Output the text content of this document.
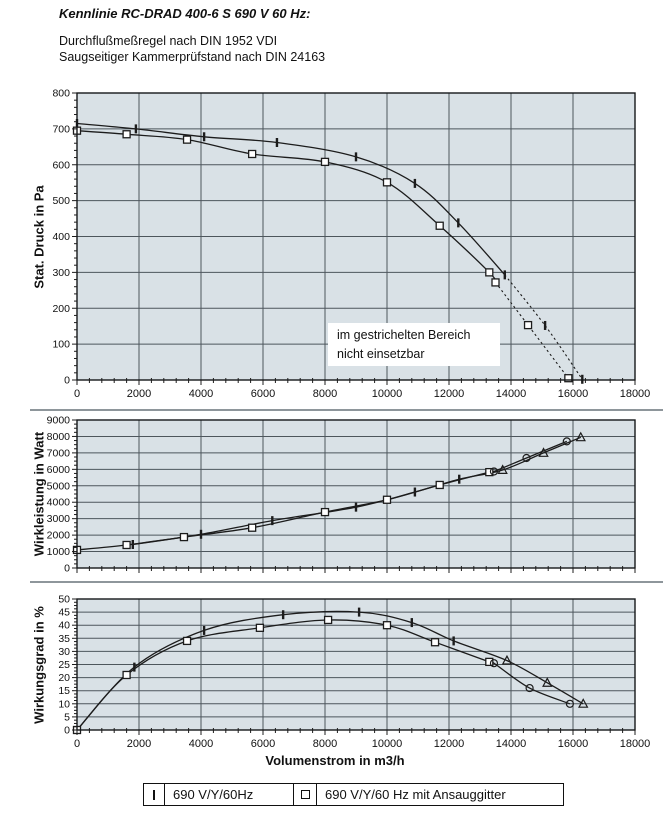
Kennlinie RC-DRAD 400-6 S 690 V 60 Hz:
Durchflußmeßregel nach DIN 1952 VDI
Saugseitiger Kammerprüfstand nach DIN 24163
im gestrichelten Bereich
nicht einsetzbar
0
100
200
300
400
500
600
700
800
0	2000	4000	6000	8000	10000	12000	14000	16000	18000
Stat. Druck in Pa
0
1000
2000
3000
4000
5000
6000
7000
8000
9000
Wirkleistung in Watt
0
5
10
15
20
25
30
35
40
45
50
0	2000	4000	6000	8000	10000	12000	14000	16000	18000
Wirkungsgrad in %
Volumenstrom in m3/h
690 V/Y/60Hz	690 V/Y/60 Hz mit Ansauggitter
